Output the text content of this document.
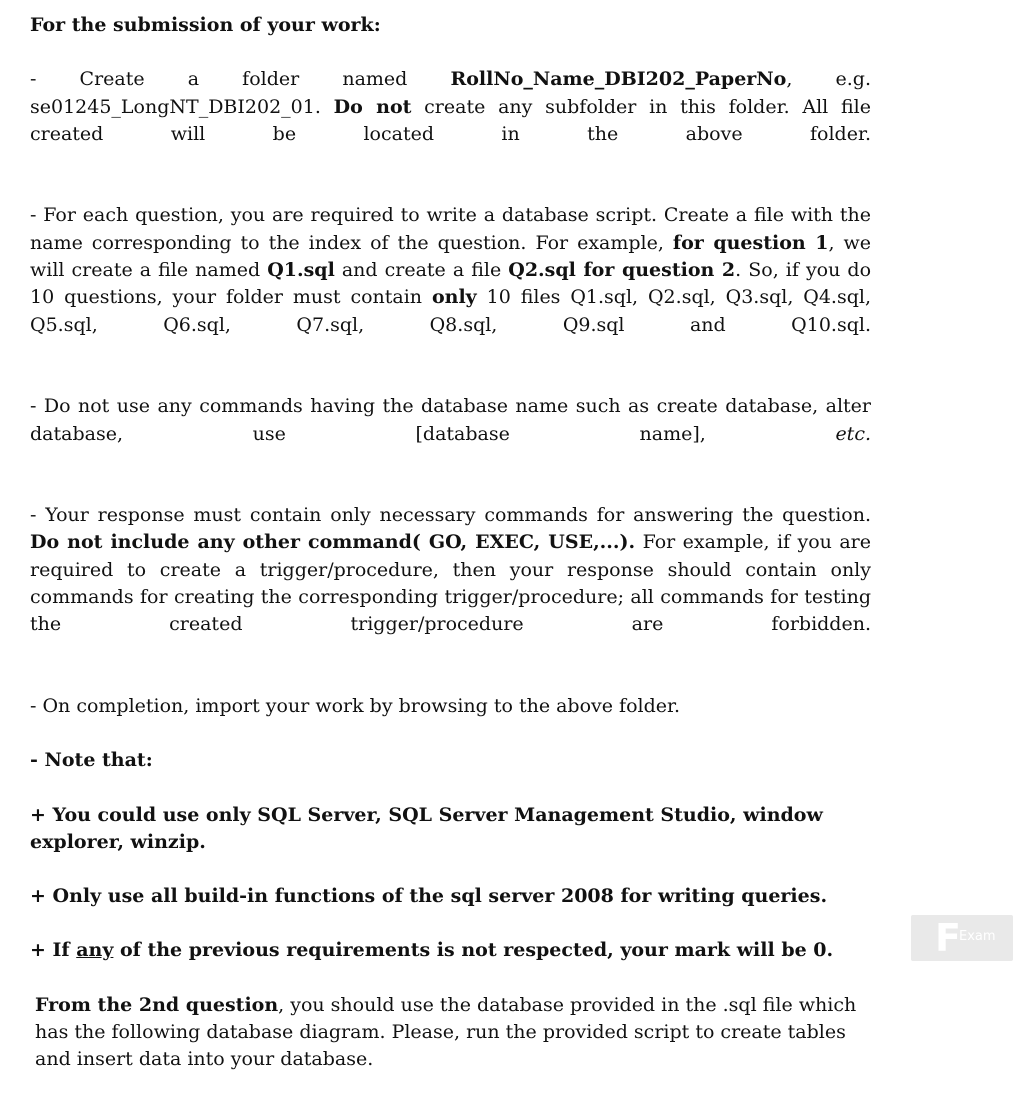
For the submission of your work:

- Create a folder named RollNo_Name_DBI202_PaperNo, e.g. se01245_LongNT_DBI202_01. Do not create any subfolder in this folder. All file created will be located in the above folder.

- For each question, you are required to write a database script. Create a file with the name corresponding to the index of the question. For example, for question 1, we will create a file named Q1.sql and create a file Q2.sql for question 2. So, if you do 10 questions, your folder must contain only 10 files Q1.sql, Q2.sql, Q3.sql, Q4.sql, Q5.sql, Q6.sql, Q7.sql, Q8.sql, Q9.sql and Q10.sql.

- Do not use any commands having the database name such as create database, alter database, use [database name], etc.

- Your response must contain only necessary commands for answering the question. Do not include any other command( GO, EXEC, USE,...). For example, if you are required to create a trigger/procedure, then your response should contain only commands for creating the corresponding trigger/procedure; all commands for testing the created trigger/procedure are forbidden.

- On completion, import your work by browsing to the above folder.

- Note that:

+ You could use only SQL Server, SQL Server Management Studio, window explorer, winzip.

+ Only use all build-in functions of the sql server 2008 for writing queries.

+ If any of the previous requirements is not respected, your mark will be 0.

From the 2nd question, you should use the database provided in the .sql file which has the following database diagram. Please, run the provided script to create tables and insert data into your database.

F
Exam
